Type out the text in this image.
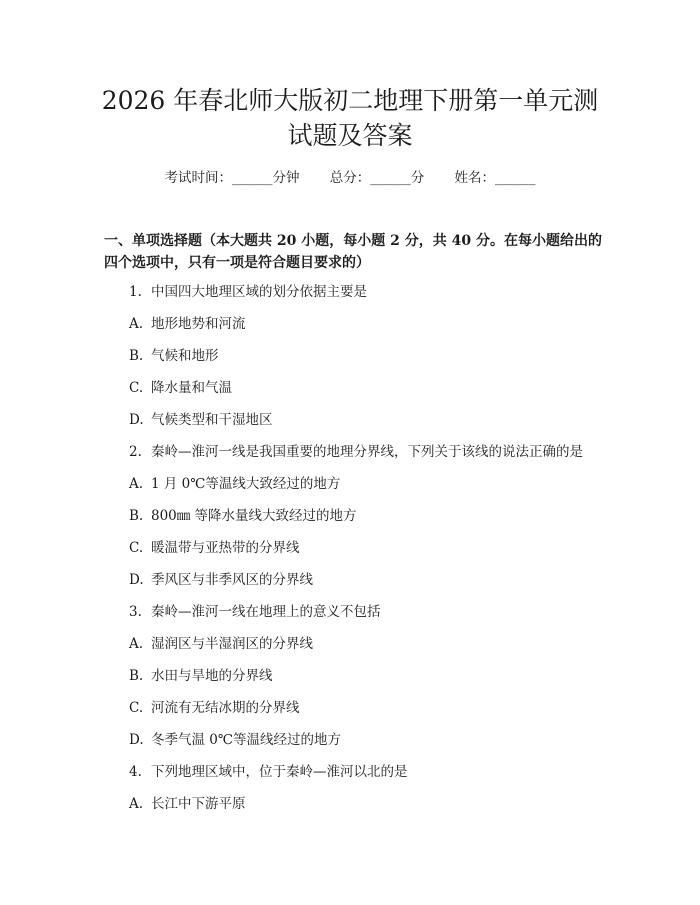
2026 年春北师大版初二地理下册第一单元测
试题及答案
考试时间：______分钟 总分：______分 姓名：______

一、单项选择题（本大题共 20 小题，每小题 2 分，共 40 分。在每小题给出的四个选项中，只有一项是符合题目要求的）

1. 中国四大地理区域的划分依据主要是
A. 地形地势和河流
B. 气候和地形
C. 降水量和气温
D. 气候类型和干湿地区
2. 秦岭—淮河一线是我国重要的地理分界线，下列关于该线的说法正确的是
A. 1 月 0℃等温线大致经过的地方
B. 800㎜ 等降水量线大致经过的地方
C. 暖温带与亚热带的分界线
D. 季风区与非季风区的分界线
3. 秦岭—淮河一线在地理上的意义不包括
A. 湿润区与半湿润区的分界线
B. 水田与旱地的分界线
C. 河流有无结冰期的分界线
D. 冬季气温 0℃等温线经过的地方
4. 下列地理区域中，位于秦岭—淮河以北的是
A. 长江中下游平原
